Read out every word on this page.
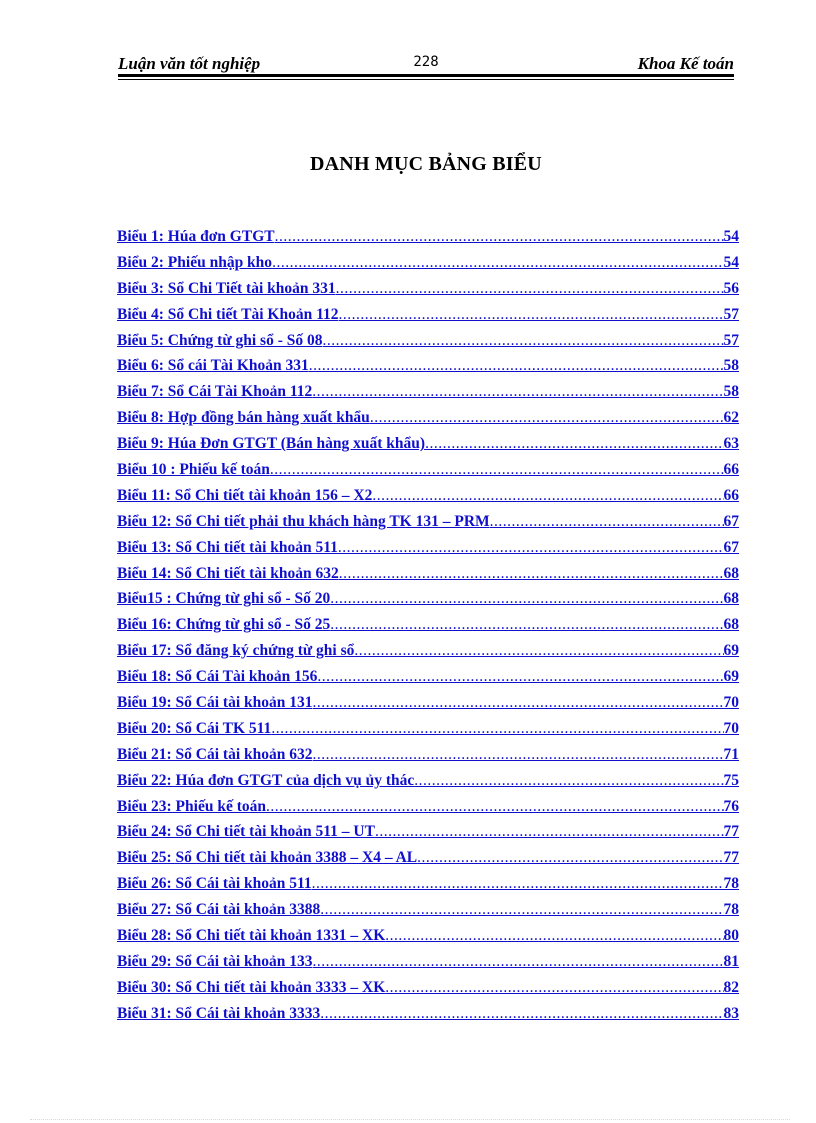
Luận văn tốt nghiệp	228	Khoa Kế toán
DANH MỤC BẢNG BIỂU
Biểu 1: Húa đơn GTGT .....	54
Biểu 2: Phiếu nhập kho .....	54
Biểu 3: Sổ Chi Tiết tài khoản 331 .....	56
Biểu 4: Sổ Chi tiết Tài Khoản 112 .....	57
Biểu 5: Chứng từ ghi sổ - Số 08 .....	57
Biểu 6: Sổ cái Tài Khoản 331 .....	58
Biểu 7: Sổ Cái Tài Khoản 112 .....	58
Biểu 8: Hợp đồng bán hàng xuất khẩu .....	62
Biểu 9: Húa Đơn GTGT (Bán hàng xuất khẩu) .....	63
Biểu 10 : Phiếu kế toán .....	66
Biểu 11: Sổ Chi tiết tài khoản 156 – X2 .....	66
Biểu 12: Sổ Chi tiết phải thu khách hàng TK 131 – PRM .....	67
Biểu 13: Sổ Chi tiết tài khoản 511 .....	67
Biểu 14: Sổ Chi tiết tài khoản 632 .....	68
Biểu15 : Chứng từ ghi sổ - Số 20 .....	68
Biểu 16: Chứng từ ghi sổ - Số 25 .....	68
Biểu 17: Sổ đăng ký chứng từ ghi sổ .....	69
Biểu 18: Sổ Cái Tài khoản 156 .....	69
Biểu 19: Sổ Cái tài khoản 131 .....	70
Biểu 20: Sổ Cái TK 511 .....	70
Biểu 21: Sổ Cái tài khoản 632 .....	71
Biểu 22: Húa đơn GTGT của dịch vụ ủy thác .....	75
Biểu 23: Phiếu kế toán .....	76
Biểu 24: Sổ Chi tiết tài khoản 511 – UT .....	77
Biểu 25: Sổ Chi tiết tài khoản 3388 – X4 – AL .....	77
Biểu 26: Sổ Cái tài khoản 511 .....	78
Biểu 27: Sổ Cái tài khoản 3388 .....	78
Biểu 28: Sổ Chi tiết tài khoản 1331 – XK .....	80
Biểu 29: Sổ Cái tài khoản 133 .....	81
Biểu 30: Sổ Chi tiết tài khoản 3333 – XK .....	82
Biểu 31: Sổ Cái tài khoản 3333 .....	83
